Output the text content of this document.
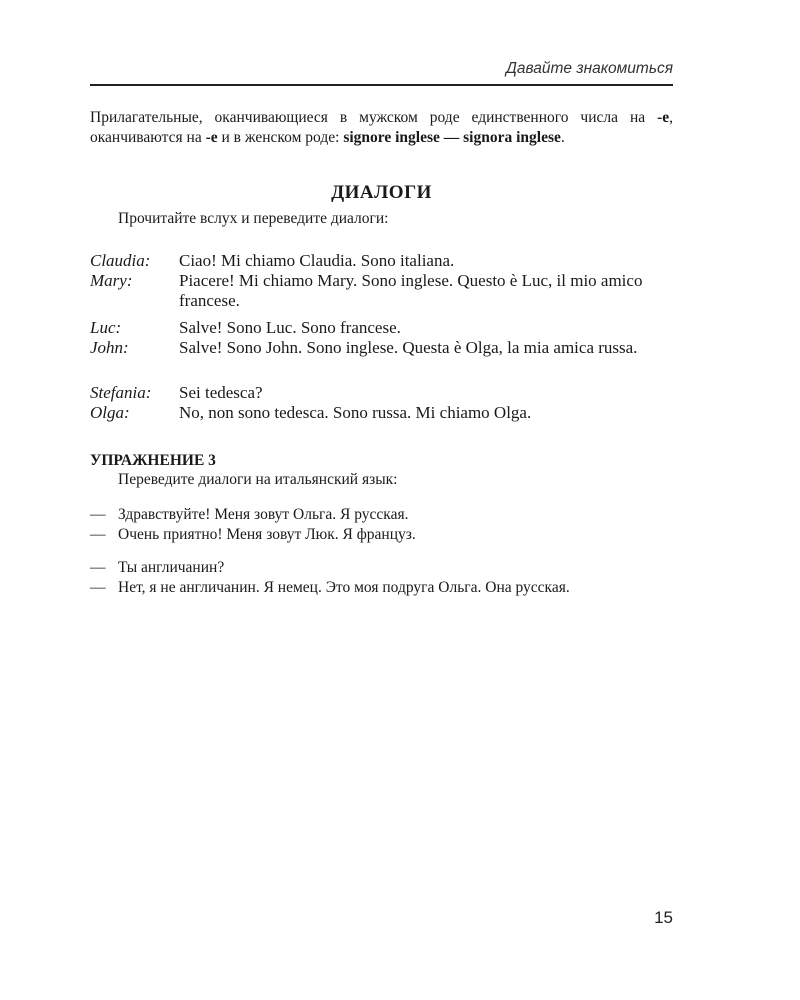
Давайте знакомиться

Прилагательные, оканчивающиеся в мужском роде единственного числа на -e, оканчиваются на -e и в женском роде: signore inglese — signora inglese.

ДИАЛОГИ
Прочитайте вслух и переведите диалоги:
Claudia:	Ciao! Mi chiamo Claudia. Sono italiana.
Mary:	Piacere! Mi chiamo Mary. Sono inglese. Questo è Luc, il mio amico francese.
Luc:	Salve! Sono Luc. Sono francese.
John:	Salve! Sono John. Sono inglese. Questa è Olga, la mia amica russa.
Stefania:	Sei tedesca?
Olga:	No, non sono tedesca. Sono russa. Mi chiamo Olga.
УПРАЖНЕНИЕ 3
Переведите диалоги на итальянский язык:
— Здравствуйте! Меня зовут Ольга. Я русская.
— Очень приятно! Меня зовут Люк. Я француз.
— Ты англичанин?
— Нет, я не англичанин. Я немец. Это моя подруга Ольга. Она русская.
15
